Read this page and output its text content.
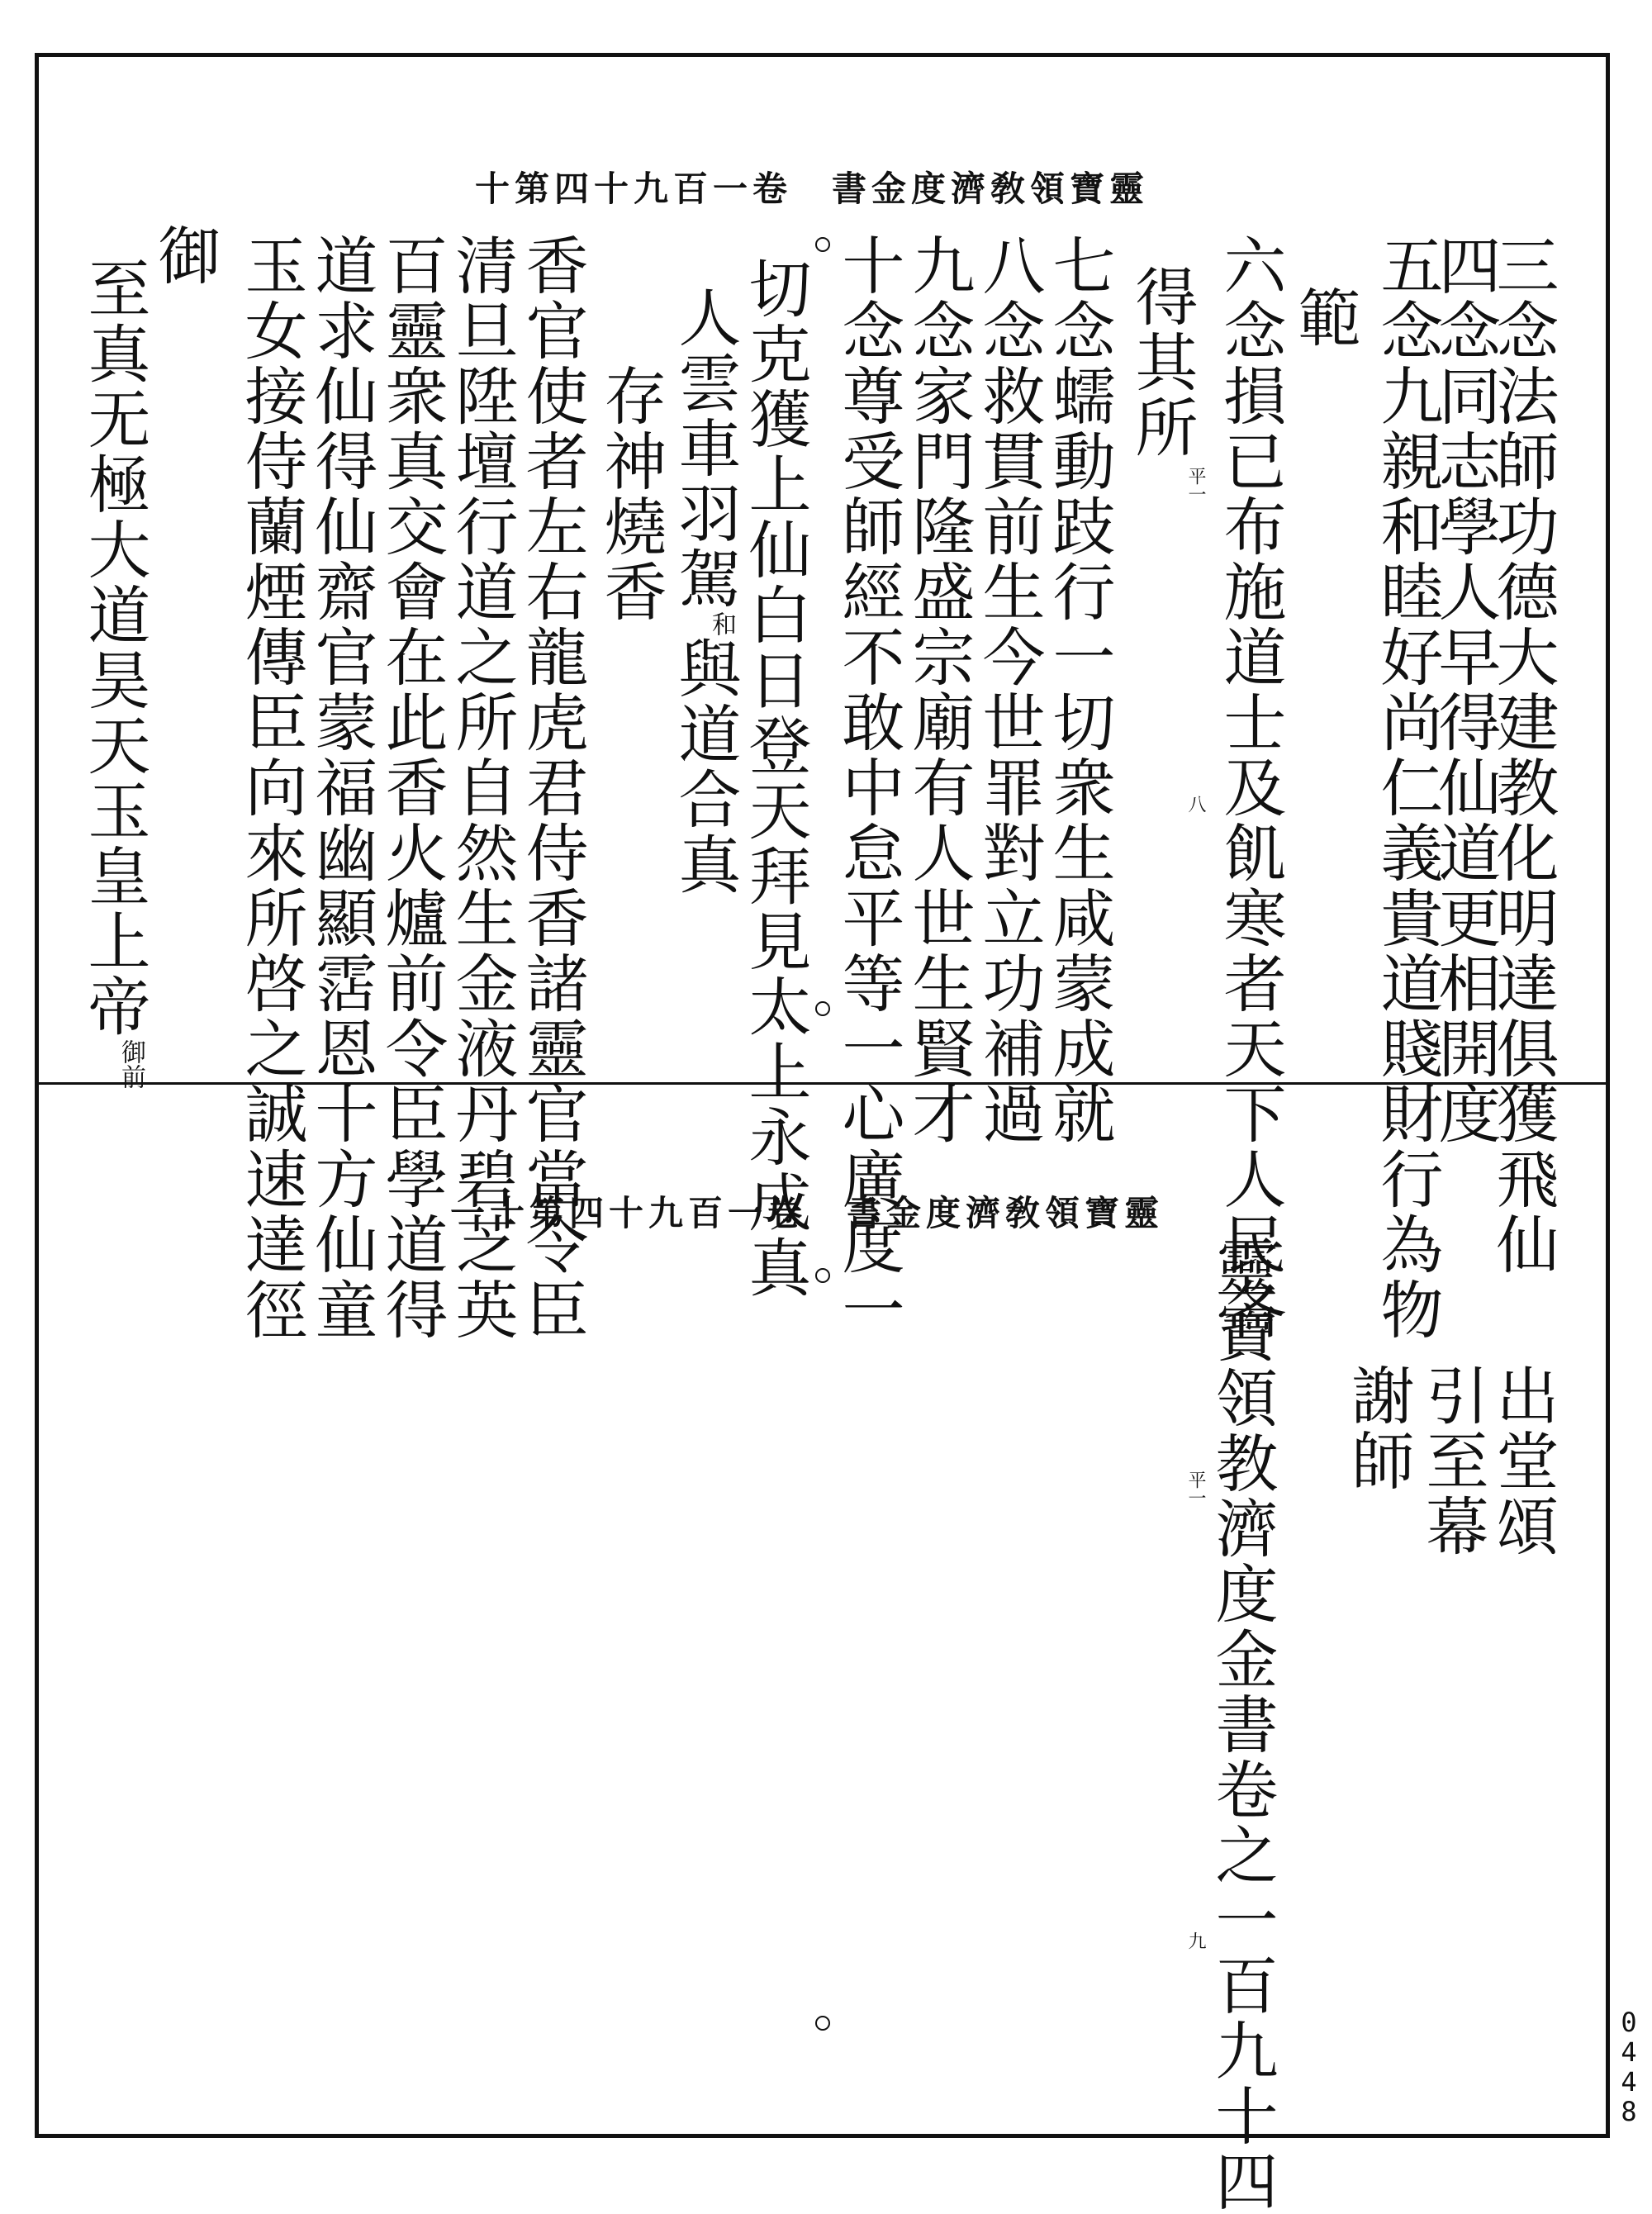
十第四十九百一卷　書金度濟敎領寶靈
三念法師功德大建教化明達俱獲飛仙
四念同志學人早得仙道更相開度
五念九親和睦好尚仁義貴道賤財行為物
範
六念損已布施道士及飢寒者天下人民各
得其所
七念蠕動跂行一切衆生咸蒙成就
八念救貫前生今世罪對立功補過
九念家門隆盛宗廟有人世生賢才
十念尊受師經不敢中怠平等一心廣度一
切克獲上仙白日登天拜見太上永成真
人雲車羽駕和與道合真
存神燒香
香官使者左右龍虎君侍香諸靈官當令臣
清旦陞壇行道之所自然生金液丹碧芝英
百靈衆真交會在此香火爐前令臣學道得
道求仙得仙齋官蒙福幽顯霑恩十方仙童
玉女接侍蘭煙傳臣向來所啓之誠速達徑
御
至真无極大道昊天玉皇上帝御前
平一
八
一十第四十九百一卷　書金度濟敎領寶靈
出堂頌
引至幕
謝師
靈寶領教濟度金書卷之一百九十四
平一
九
0448
